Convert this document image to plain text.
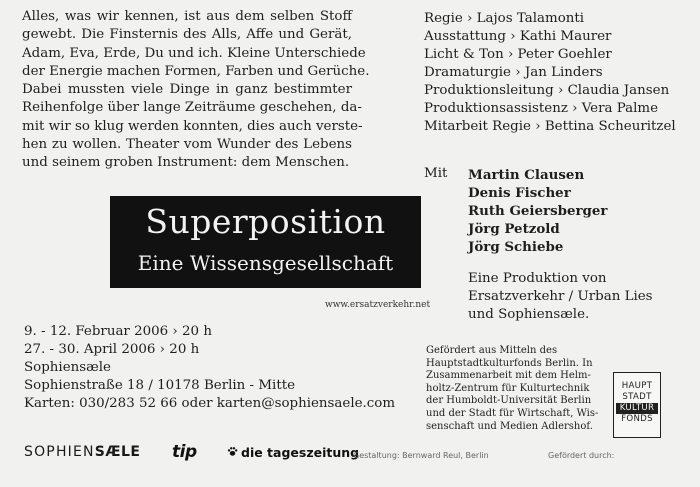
Alles, was wir kennen, ist aus dem selben Stoff
gewebt. Die Finsternis des Alls, Affe und Gerät,
Adam, Eva, Erde, Du und ich. Kleine Unterschiede
der Energie machen Formen, Farben und Gerüche.
Dabei mussten viele Dinge in ganz bestimmter
Reihenfolge über lange Zeiträume geschehen, da-
mit wir so klug werden konnten, dies auch verste-
hen zu wollen. Theater vom Wunder des Lebens
und seinem groben Instrument: dem Menschen.
Superposition
Eine Wissensgesellschaft
www.ersatzverkehr.net
9. - 12. Februar 2006 › 20 h
27. - 30. April 2006 › 20 h
Sophiensæle
Sophienstraße 18 / 10178 Berlin - Mitte
Karten: 030/283 52 66 oder karten@sophiensaele.com
Regie › Lajos Talamonti
Ausstattung › Kathi Maurer
Licht & Ton › Peter Goehler
Dramaturgie › Jan Linders
Produktionsleitung › Claudia Jansen
Produktionsassistenz › Vera Palme
Mitarbeit Regie › Bettina Scheuritzel
Mit Martin Clausen
Denis Fischer
Ruth Geiersberger
Jörg Petzold
Jörg Schiebe
Eine Produktion von
Ersatzverkehr / Urban Lies
und Sophiensæle.
Gefördert aus Mitteln des
Hauptstadtkulturfonds Berlin. In
Zusammenarbeit mit dem Helm-
holtz-Zentrum für Kulturtechnik
der Humboldt-Universität Berlin
und der Stadt für Wirtschaft, Wis-
senschaft und Medien Adlershof.
HAUPT
STADT
KULTUR
FONDS
SOPHIENSÆLE tip	die tageszeitung
Gestaltung: Bernward Reul, Berlin	Gefördert durch:
